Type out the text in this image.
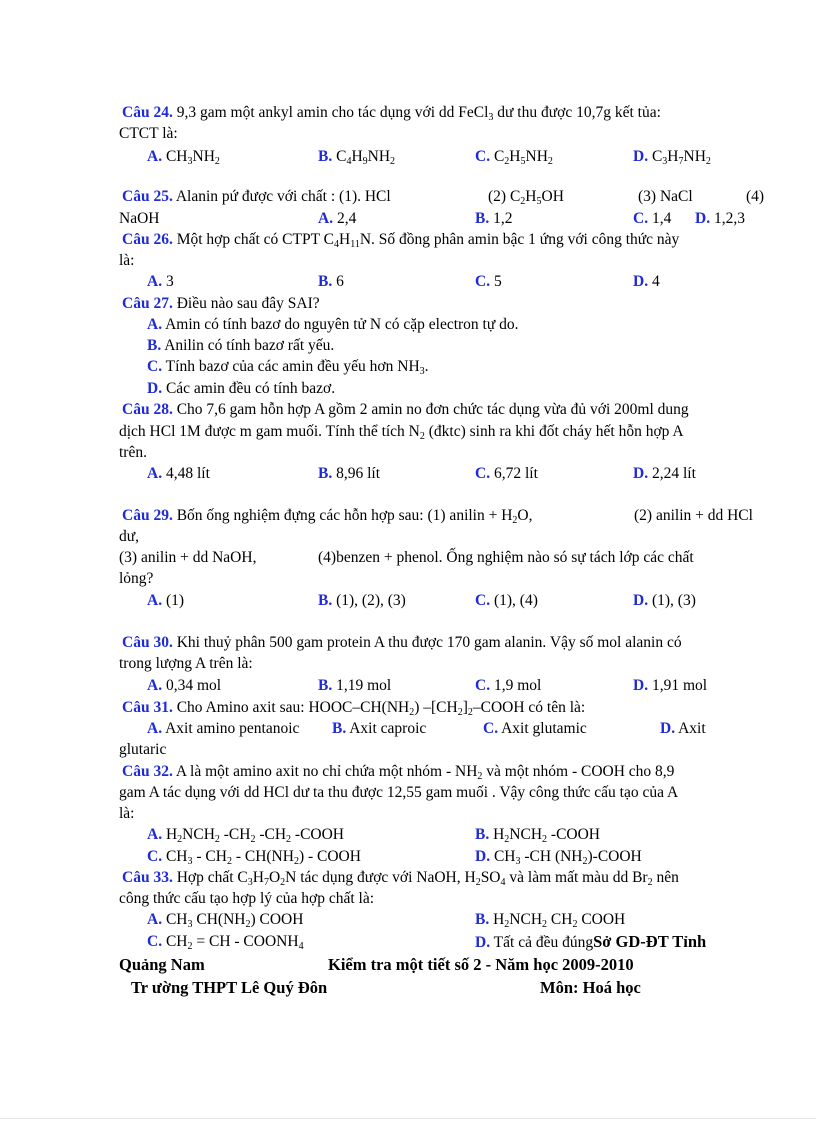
Câu 24. 9,3 gam một ankyl amin cho tác dụng với dd FeCl$_3$ dư thu được 10,7g kết tủa:
CTCT là:
A. $CH_3NH_2$	B. $C_4H_9NH_2$	C. $C_2H_5NH_2$	D. $C_3H_7NH_2$
Câu 25. Alanin pứ được với chất : (1). HCl	(2) $C_2H_5OH$	(3) NaCl	(4)
NaOH	A. 2,4	B. 1,2	C. 1,4 D. 1,2,3
Câu 26. Một hợp chất có CTPT $C_4H_{11}N$. Số đồng phân amin bậc 1 ứng với công thức này
là:
A. 3	B. 6	C. 5	D. 4
Câu 27. Điều nào sau đây SAI?
A. Amin có tính bazơ do nguyên tử N có cặp electron tự do.
B. Anilin có tính bazơ rất yếu.
C. Tính bazơ của các amin đều yếu hơn $NH_3$.
D. Các amin đều có tính bazơ.
Câu 28. Cho 7,6 gam hỗn hợp A gồm 2 amin no đơn chức tác dụng vừa đủ với 200ml dung
dịch HCl 1M được m gam muối. Tính thể tích $N_2$ (đktc) sinh ra khi đốt cháy hết hỗn hợp A
trên.
A. 4,48 lít	B. 8,96 lít	C. 6,72 lít	D. 2,24 lít
Câu 29. Bốn ống nghiệm đựng các hỗn hợp sau: (1) anilin + $H_2O$,	(2) anilin + dd HCl
dư,
(3) anilin + dd NaOH,	(4)benzen + phenol. Ống nghiệm nào só sự tách lớp các chất
lỏng?
A. (1)	B. (1), (2), (3)	C. (1), (4)	D. (1), (3)
Câu 30. Khi thuỷ phân 500 gam protein A thu được 170 gam alanin. Vậy số mol alanin có
trong lượng A trên là:
A. 0,34 mol	B. 1,19 mol	C. 1,9 mol	D. 1,91 mol
Câu 31. Cho Amino axit sau: HOOC–$CH(NH_2)$ $-[CH_2]_2$–COOH có tên là:
A. Axit amino pentanoic B. Axit caproic	C. Axit glutamic	D. Axit
glutaric
Câu 32. A là một amino axit no chỉ chứa một nhóm - $NH_2$ và một nhóm - COOH cho 8,9
gam A tác dụng với dd HCl dư ta thu được 12,55 gam muối . Vậy công thức cấu tạo của A
là:
A. $H_2NCH_2$ $-CH_2$ $-CH_2$ -COOH	B. $H_2NCH_2$ -COOH
C. $CH_3 - CH_2 - CH(NH_2)$ - COOH	D. $CH_3$ -CH $(NH_2)$-COOH
Câu 33. Hợp chất $C_3H_7O_2N$ tác dụng được với NaOH, $H_2SO_4$ và làm mất màu dd $Br_2$ nên
công thức cấu tạo hợp lý của hợp chất là:
A. $CH_3$ $CH(NH_2)$ COOH	B. $H_2NCH_2$ $CH_2$ COOH
C. $CH_2$ = CH - $COONH_4$	D. Tất cả đều đúngSở GD-ĐT Tỉnh
Quảng Nam	Kiểm tra một tiết số 2 - Năm học 2009-2010
Tr ường THPT Lê Quý Đôn	Môn: Hoá học
